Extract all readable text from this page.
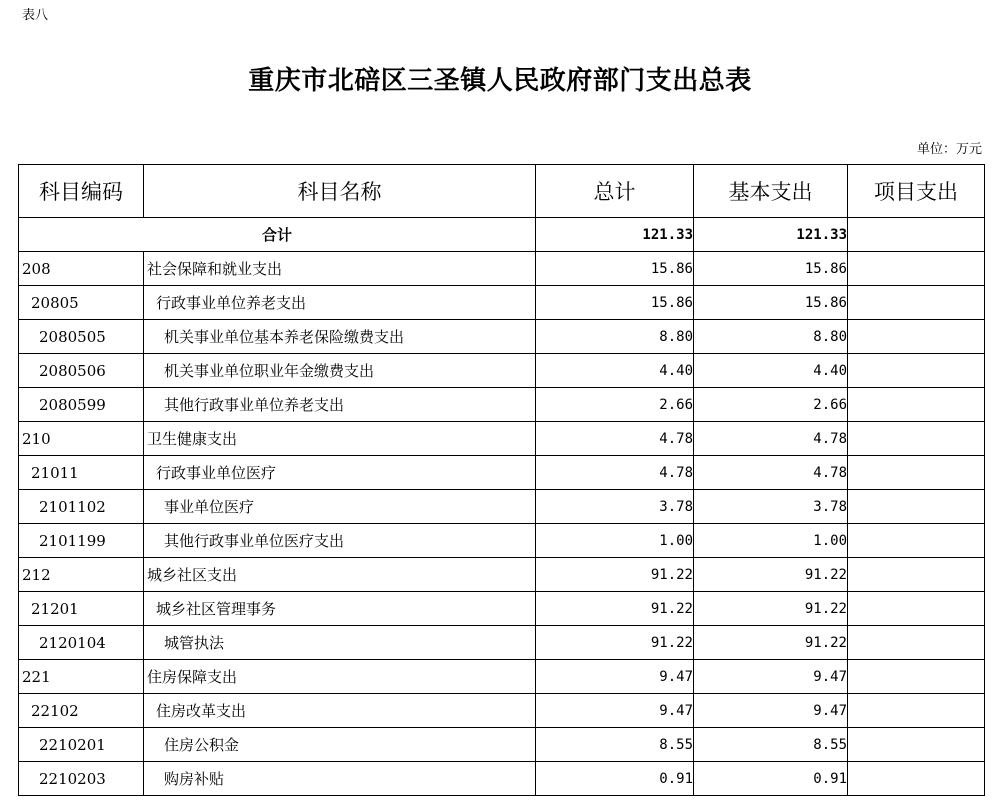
表八
重庆市北碚区三圣镇人民政府部门支出总表
单位：万元
科目编码	科目名称	总计	基本支出	项目支出
合计		121.33	121.33	
208	社会保障和就业支出	15.86	15.86	
20805	行政事业单位养老支出	15.86	15.86	
2080505	机关事业单位基本养老保险缴费支出	8.80	8.80	
2080506	机关事业单位职业年金缴费支出	4.40	4.40	
2080599	其他行政事业单位养老支出	2.66	2.66	
210	卫生健康支出	4.78	4.78	
21011	行政事业单位医疗	4.78	4.78	
2101102	事业单位医疗	3.78	3.78	
2101199	其他行政事业单位医疗支出	1.00	1.00	
212	城乡社区支出	91.22	91.22	
21201	城乡社区管理事务	91.22	91.22	
2120104	城管执法	91.22	91.22	
221	住房保障支出	9.47	9.47	
22102	住房改革支出	9.47	9.47	
2210201	住房公积金	8.55	8.55	
2210203	购房补贴	0.91	0.91	
